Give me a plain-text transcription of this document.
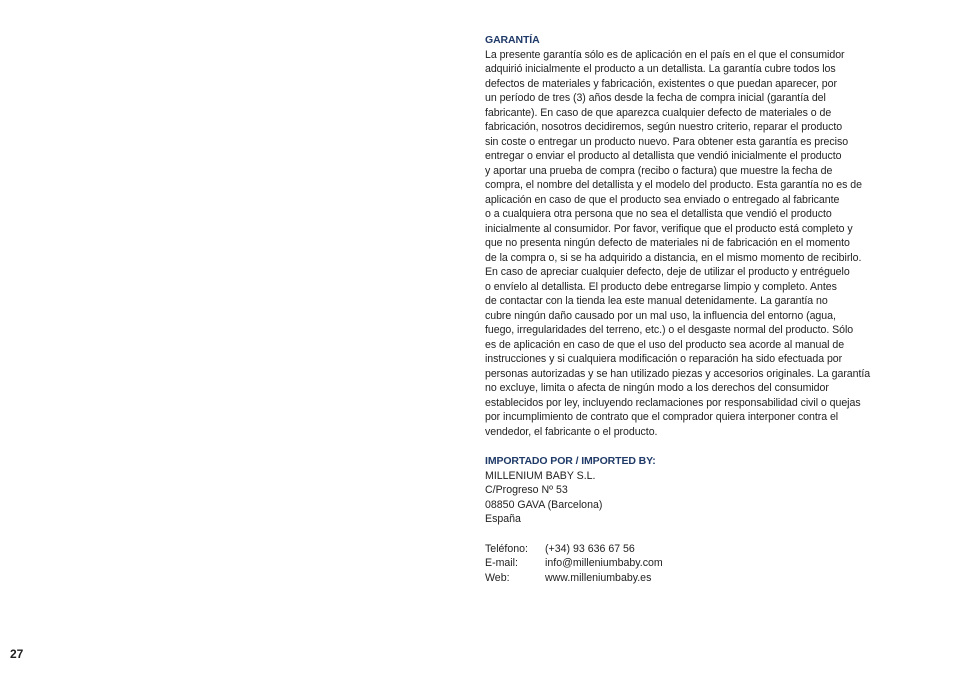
GARANTÍA
La presente garantía sólo es de aplicación en el país en el que el consumidor
adquirió inicialmente el producto a un detallista. La garantía cubre todos los
defectos de materiales y fabricación, existentes o que puedan aparecer, por
un período de tres (3) años desde la fecha de compra inicial (garantía del
fabricante). En caso de que aparezca cualquier defecto de materiales o de
fabricación, nosotros decidiremos, según nuestro criterio, reparar el producto
sin coste o entregar un producto nuevo. Para obtener esta garantía es preciso
entregar o enviar el producto al detallista que vendió inicialmente el producto
y aportar una prueba de compra (recibo o factura) que muestre la fecha de
compra, el nombre del detallista y el modelo del producto. Esta garantía no es de
aplicación en caso de que el producto sea enviado o entregado al fabricante
o a cualquiera otra persona que no sea el detallista que vendió el producto
inicialmente al consumidor. Por favor, verifique que el producto está completo y
que no presenta ningún defecto de materiales ni de fabricación en el momento
de la compra o, si se ha adquirido a distancia, en el mismo momento de recibirlo.
En caso de apreciar cualquier defecto, deje de utilizar el producto y entréguelo
o envíelo al detallista. El producto debe entregarse limpio y completo. Antes
de contactar con la tienda lea este manual detenidamente. La garantía no
cubre ningún daño causado por un mal uso, la influencia del entorno (agua,
fuego, irregularidades del terreno, etc.) o el desgaste normal del producto. Sólo
es de aplicación en caso de que el uso del producto sea acorde al manual de
instrucciones y si cualquiera modificación o reparación ha sido efectuada por
personas autorizadas y se han utilizado piezas y accesorios originales. La garantía
no excluye, limita o afecta de ningún modo a los derechos del consumidor
establecidos por ley, incluyendo reclamaciones por responsabilidad civil o quejas
por incumplimiento de contrato que el comprador quiera interponer contra el
vendedor, el fabricante o el producto.
IMPORTADO POR / IMPORTED BY:
MILLENIUM BABY S.L.
C/Progreso Nº 53
08850 GAVA (Barcelona)
España
Teléfono:	(+34) 93 636 67 56
E-mail:	info@milleniumbaby.com
Web:	www.milleniumbaby.es
27
